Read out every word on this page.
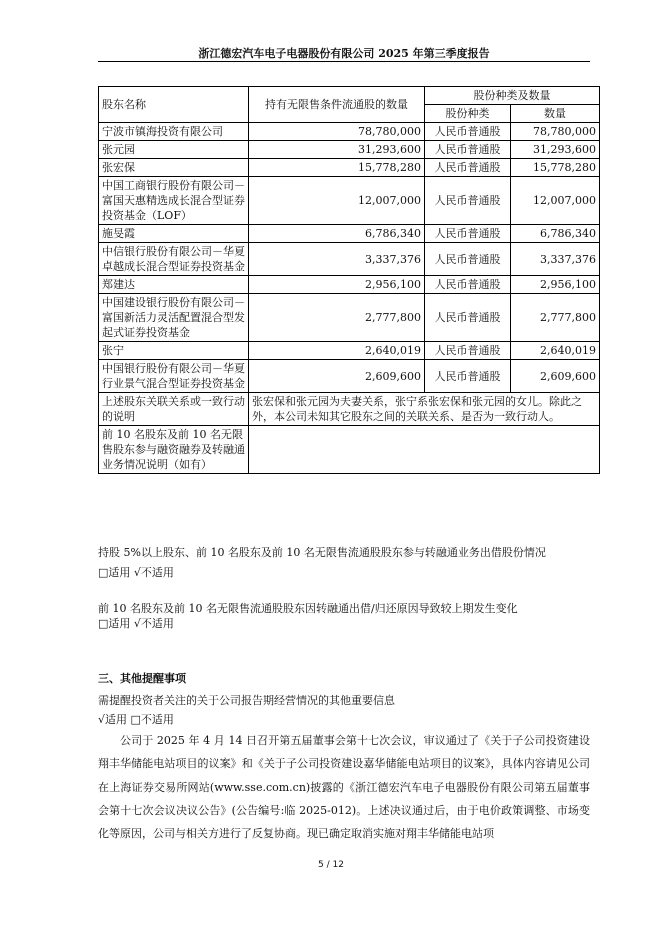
浙江德宏汽车电子电器股份有限公司 2025 年第三季度报告
股东名称	持有无限售条件流通股的数量	股份种类及数量	
		股份种类	数量
宁波市镇海投资有限公司	78,780,000	人民币普通股	78,780,000
张元园	31,293,600	人民币普通股	31,293,600
张宏保	15,778,280	人民币普通股	15,778,280
中国工商银行股份有限公司－富国天惠精选成长混合型证券投资基金（LOF）	12,007,000	人民币普通股	12,007,000
施旻霞	6,786,340	人民币普通股	6,786,340
中信银行股份有限公司－华夏卓越成长混合型证券投资基金	3,337,376	人民币普通股	3,337,376
郑建达	2,956,100	人民币普通股	2,956,100
中国建设银行股份有限公司－富国新活力灵活配置混合型发起式证券投资基金	2,777,800	人民币普通股	2,777,800
张宁	2,640,019	人民币普通股	2,640,019
中国银行股份有限公司－华夏行业景气混合型证券投资基金	2,609,600	人民币普通股	2,609,600
上述股东关联关系或一致行动的说明	张宏保和张元园为夫妻关系，张宁系张宏保和张元园的女儿。除此之外，本公司未知其它股东之间的关联关系、是否为一致行动人。		
前 10 名股东及前 10 名无限售股东参与融资融券及转融通业务情况说明（如有）			
持股 5%以上股东、前 10 名股东及前 10 名无限售流通股股东参与转融通业务出借股份情况
□适用 √不适用
前 10 名股东及前 10 名无限售流通股股东因转融通出借/归还原因导致较上期发生变化
□适用 √不适用
三、其他提醒事项
需提醒投资者关注的关于公司报告期经营情况的其他重要信息
√适用 □不适用
公司于 2025 年 4 月 14 日召开第五届董事会第十七次会议，审议通过了《关于子公司投资建设翔丰华储能电站项目的议案》和《关于子公司投资建设嘉华储能电站项目的议案》，具体内容请见公司在上海证券交易所网站(www.sse.com.cn)披露的《浙江德宏汽车电子电器股份有限公司第五届董事会第十七次会议决议公告》(公告编号:临 2025-012)。上述决议通过后，由于电价政策调整、市场变化等原因，公司与相关方进行了反复协商。现已确定取消实施对翔丰华储能电站项
5 / 12
